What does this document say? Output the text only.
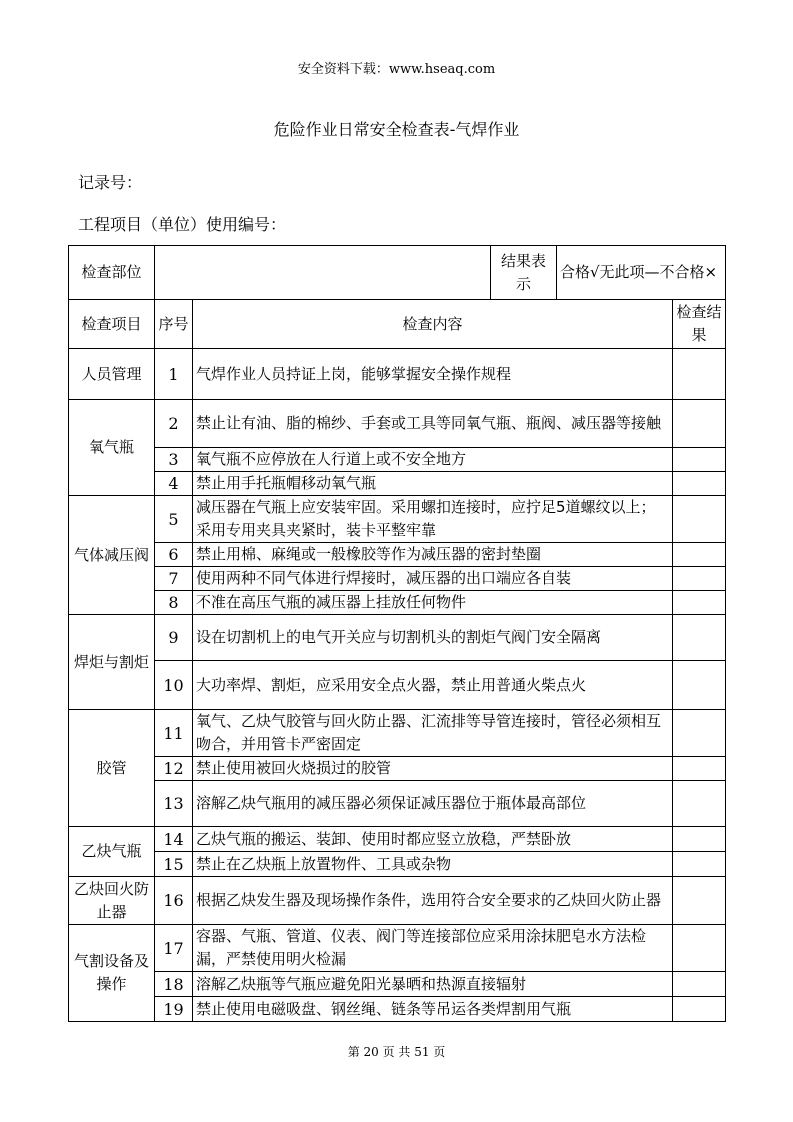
安全资料下载：www.hseaq.com
危险作业日常安全检查表-气焊作业
记录号：
工程项目（单位）使用编号：
检查部位			结果表示	合格√无此项—不合格×	
检查项目	序号	检查内容			检查结果
人员管理	1	气焊作业人员持证上岗，能够掌握安全操作规程			
氧气瓶	2	禁止让有油、脂的棉纱、手套或工具等同氧气瓶、瓶阀、减压器等接触			
	3	氧气瓶不应停放在人行道上或不安全地方			
	4	禁止用手托瓶帽移动氧气瓶			
气体减压阀	5	减压器在气瓶上应安装牢固。采用螺扣连接时，应拧足5道螺纹以上；采用专用夹具夹紧时，装卡平整牢靠			
	6	禁止用棉、麻绳或一般橡胶等作为减压器的密封垫圈			
	7	使用两种不同气体进行焊接时，减压器的出口端应各自装			
	8	不准在高压气瓶的减压器上挂放任何物件			
焊炬与割炬	9	设在切割机上的电气开关应与切割机头的割炬气阀门安全隔离			
	10	大功率焊、割炬，应采用安全点火器，禁止用普通火柴点火			
胶管	11	氧气、乙炔气胶管与回火防止器、汇流排等导管连接时，管径必须相互吻合，并用管卡严密固定			
	12	禁止使用被回火烧损过的胶管			
	13	溶解乙炔气瓶用的减压器必须保证减压器位于瓶体最高部位			
乙炔气瓶	14	乙炔气瓶的搬运、装卸、使用时都应竖立放稳，严禁卧放			
	15	禁止在乙炔瓶上放置物件、工具或杂物			
乙炔回火防止器	16	根据乙炔发生器及现场操作条件，选用符合安全要求的乙炔回火防止器			
气割设备及操作	17	容器、气瓶、管道、仪表、阀门等连接部位应采用涂抹肥皂水方法检漏，严禁使用明火检漏			
	18	溶解乙炔瓶等气瓶应避免阳光暴晒和热源直接辐射			
	19	禁止使用电磁吸盘、钢丝绳、链条等吊运各类焊割用气瓶			
第 20 页 共 51 页
